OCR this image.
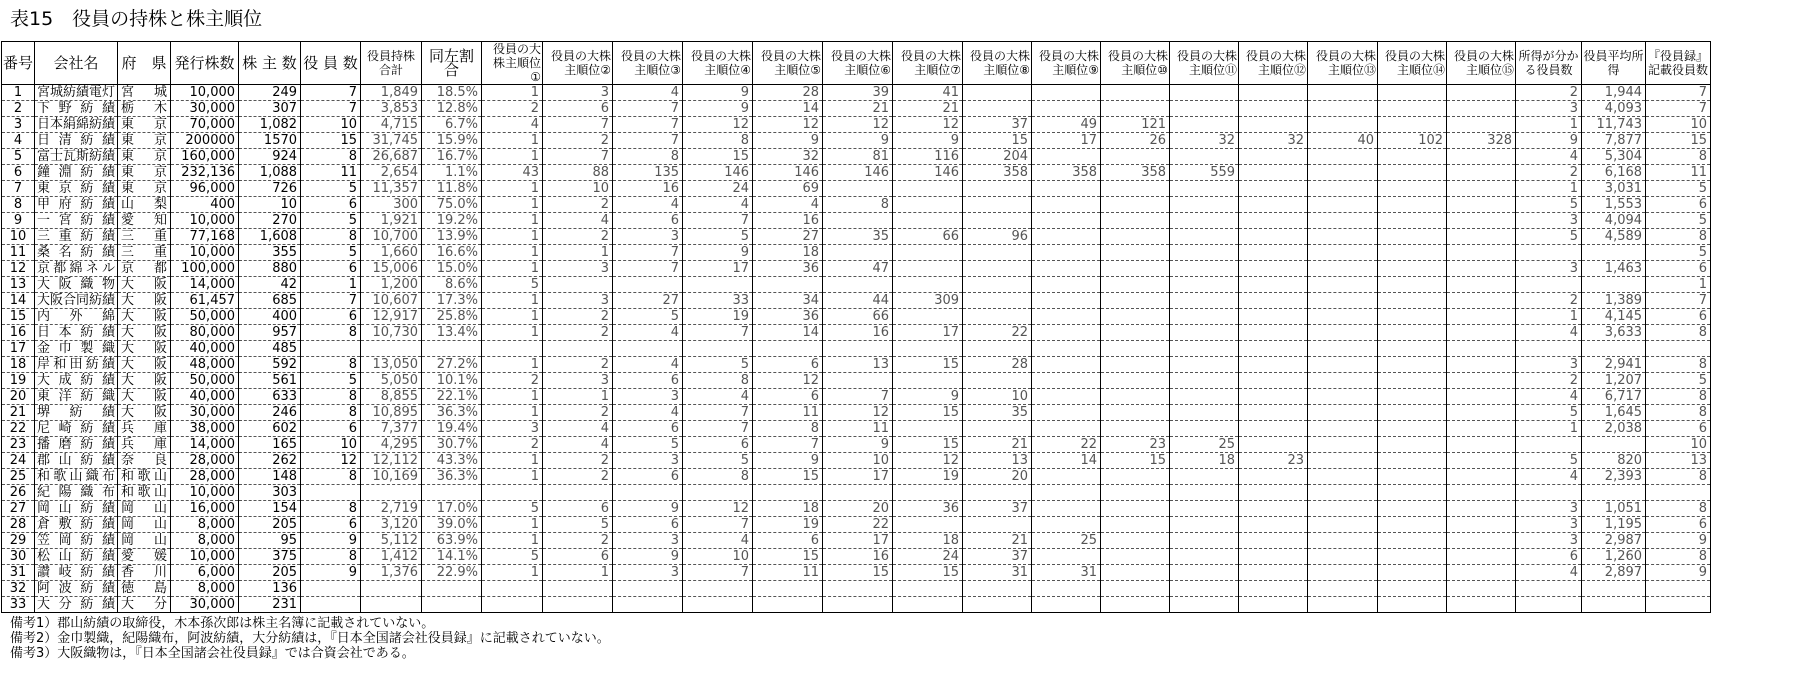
表15　役員の持株と株主順位
番号	会社名	府　県	発行株数	株 主 数	役 員 数	役員持株合計	同左割合	役員の大株主順位①	役員の大株主順位②	役員の大株主順位③	役員の大株主順位④	役員の大株主順位⑤	役員の大株主順位⑥	役員の大株主順位⑦	役員の大株主順位⑧	役員の大株主順位⑨	役員の大株主順位⑩	役員の大株主順位⑪	役員の大株主順位⑫	役員の大株主順位⑬	役員の大株主順位⑭	役員の大株主順位⑮	所得が分かる役員数	役員平均所得	『役員録』記載役員数
1	宮城紡績電灯	宮城	10,000	249	7	1,849	18.5%	1	3	4	9	28	39	41									2	1,944	7
2	下野紡績	栃木	30,000	307	7	3,853	12.8%	2	6	7	9	14	21	21									3	4,093	7
3	日本絹綿紡績	東京	70,000	1,082	10	4,715	6.7%	4	7	7	12	12	12	12	37	49	121						1	11,743	10
4	日清紡績	東京	200000	1570	15	31,745	15.9%	1	2	7	8	9	9	9	15	17	26	32	32	40	102	328	9	7,877	15
5	富士瓦斯紡績	東京	160,000	924	8	26,687	16.7%	1	7	8	15	32	81	116	204								4	5,304	8
6	鐘淵紡績	東京	232,136	1,088	11	2,654	1.1%	43	88	135	146	146	146	146	358	358	358	559					2	6,168	11
7	東京紡績	東京	96,000	726	5	11,357	11.8%	1	10	16	24	69											1	3,031	5
8	甲府紡績	山梨	400	10	6	300	75.0%	1	2	4	4	4	8										5	1,553	6
9	一宮紡績	愛知	10,000	270	5	1,921	19.2%	1	4	6	7	16											3	4,094	5
10	三重紡績	三重	77,168	1,608	8	10,700	13.9%	1	2	3	5	27	35	66	96								5	4,589	8
11	桑名紡績	三重	10,000	355	5	1,660	16.6%	1	1	7	9	18													5
12	京都綿ネル	京都	100,000	880	6	15,006	15.0%	1	3	7	17	36	47										3	1,463	6
13	大阪織物	大阪	14,000	42	1	1,200	8.6%	5																	1
14	大阪合同紡績	大阪	61,457	685	7	10,607	17.3%	1	3	27	33	34	44	309									2	1,389	7
15	内外綿	大阪	50,000	400	6	12,917	25.8%	1	2	5	19	36	66										1	4,145	6
16	日本紡績	大阪	80,000	957	8	10,730	13.4%	1	2	4	7	14	16	17	22								4	3,633	8
17	金巾製織	大阪	40,000	485																					
18	岸和田紡績	大阪	48,000	592	8	13,050	27.2%	1	2	4	5	6	13	15	28								3	2,941	8
19	大成紡績	大阪	50,000	561	5	5,050	10.1%	2	3	6	8	12											2	1,207	5
20	東洋紡織	大阪	40,000	633	8	8,855	22.1%	1	1	3	4	6	7	9	10								4	6,717	8
21	堺紡績	大阪	30,000	246	8	10,895	36.3%	1	2	4	7	11	12	15	35								5	1,645	8
22	尼崎紡績	兵庫	38,000	602	6	7,377	19.4%	3	4	6	7	8	11										1	2,038	6
23	播磨紡績	兵庫	14,000	165	10	4,295	30.7%	2	4	5	6	7	9	15	21	22	23	25							10
24	郡山紡績	奈良	28,000	262	12	12,112	43.3%	1	2	3	5	9	10	12	13	14	15	18	23				5	820	13
25	和歌山織布	和歌山	28,000	148	8	10,169	36.3%	1	2	6	8	15	17	19	20								4	2,393	8
26	紀陽織布	和歌山	10,000	303																					
27	岡山紡績	岡山	16,000	154	8	2,719	17.0%	5	6	9	12	18	20	36	37								3	1,051	8
28	倉敷紡績	岡山	8,000	205	6	3,120	39.0%	1	5	6	7	19	22										3	1,195	6
29	笠岡紡績	岡山	8,000	95	9	5,112	63.9%	1	2	3	4	6	17	18	21	25							3	2,987	9
30	松山紡績	愛媛	10,000	375	8	1,412	14.1%	5	6	9	10	15	16	24	37								6	1,260	8
31	讃岐紡績	香川	6,000	205	9	1,376	22.9%	1	1	3	7	11	15	15	31	31							4	2,897	9
32	阿波紡績	徳島	8,000	136																					
33	大分紡績	大分	30,000	231																					
備考1）郡山紡績の取締役，木本孫次郎は株主名簿に記載されていない。
備考2）金巾製織，紀陽織布，阿波紡績，大分紡績は，『日本全国諸会社役員録』に記載されていない。
備考3）大阪織物は，『日本全国諸会社役員録』では合資会社である。
